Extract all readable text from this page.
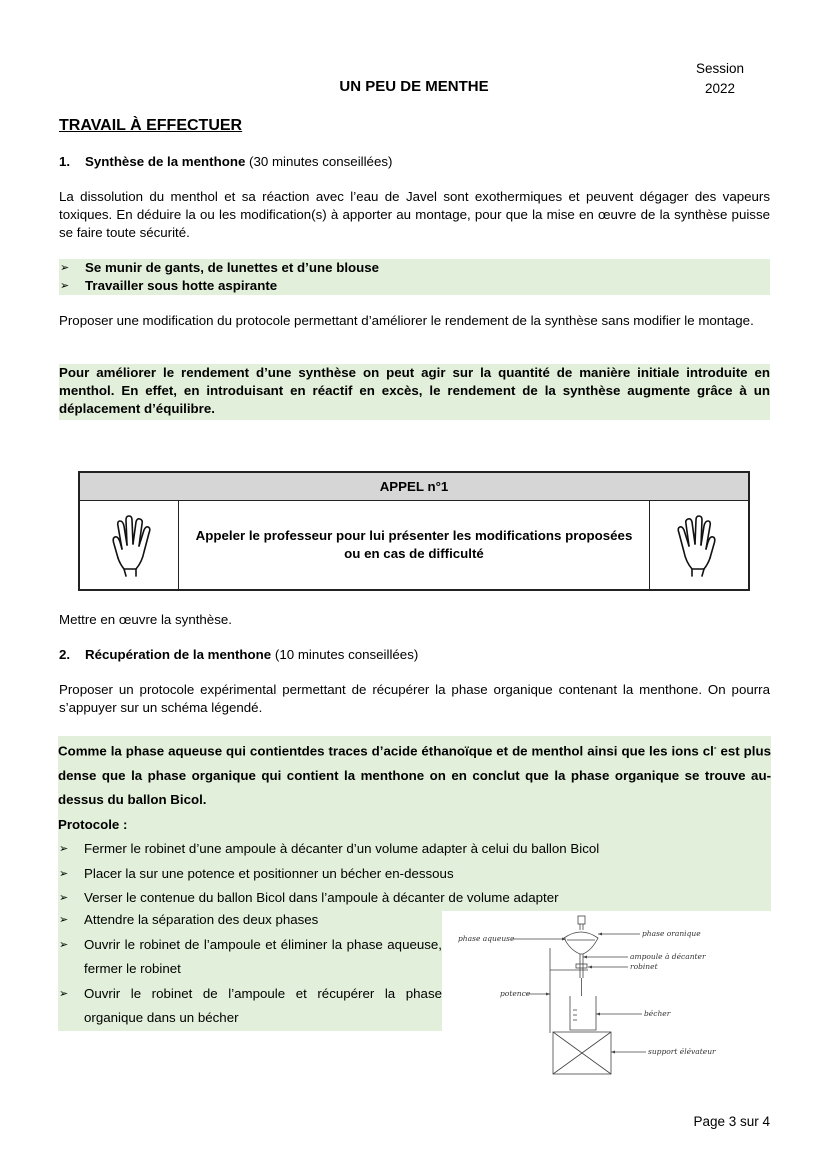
Session
2022
UN PEU DE MENTHE
TRAVAIL À EFFECTUER
1. Synthèse de la menthone (30 minutes conseillées)
La dissolution du menthol et sa réaction avec l’eau de Javel sont exothermiques et peuvent dégager des vapeurs toxiques. En déduire la ou les modification(s) à apporter au montage, pour que la mise en œuvre de la synthèse puisse se faire toute sécurité.
➢ Se munir de gants, de lunettes et d’une blouse
➢ Travailler sous hotte aspirante
Proposer une modification du protocole permettant d’améliorer le rendement de la synthèse sans modifier le montage.
Pour améliorer le rendement d’une synthèse on peut agir sur la quantité de manière initiale introduite en menthol. En effet, en introduisant en réactif en excès, le rendement de la synthèse augmente grâce à un déplacement d’équilibre.
APPEL n°1
Appeler le professeur pour lui présenter les modifications proposées
ou en cas de difficulté
Mettre en œuvre la synthèse.
2. Récupération de la menthone (10 minutes conseillées)
Proposer un protocole expérimental permettant de récupérer la phase organique contenant la menthone. On pourra s’appuyer sur un schéma légendé.
Comme la phase aqueuse qui contientdes traces d’acide éthanoïque et de menthol ainsi que les ions cl- est plus dense que la phase organique qui contient la menthone on en conclut que la phase organique se trouve au-dessus du ballon Bicol.
Protocole :
➢ Fermer le robinet d’une ampoule à décanter d’un volume adapter à celui du ballon Bicol
➢ Placer la sur une potence et positionner un bécher en-dessous
➢ Verser le contenue du ballon Bicol dans l’ampoule à décanter de volume adapter
➢ Attendre la séparation des deux phases
➢ Ouvrir le robinet de l’ampoule et éliminer la phase aqueuse, fermer le robinet
➢ Ouvrir le robinet de l’ampoule et récupérer la phase organique dans un bécher
phase aqueuse
phase oranique
ampoule à décanter
robinet
potence
bécher
support élévateur
Page 3 sur 4
